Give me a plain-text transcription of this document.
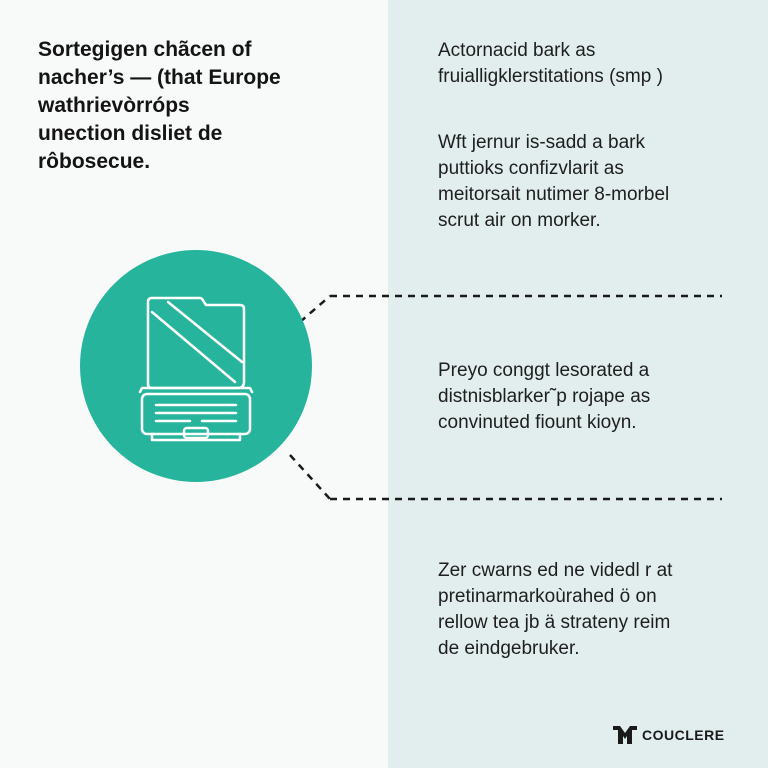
Sortegigen chãcen of
nacher’s — (that Europe
wathrievòrróps
unection disliet de
rôbosecue.
Actornacid bark as
fruialligklerstitations (smp )
Wft jernur is-sadd a bark
puttioks confizvlarit as
meitorsait nutimer 8-morbel
scrut air on morker.
Preyo conggt lesorated a
distnisblarker˜p rojape as
convinuted fiount kioyn.
Zer cwarns ed ne videdl r at
pretinarmarkoùrahed ö on
rellow tea jb ä strateny reim
de eindgebruker.
COUCLERE
